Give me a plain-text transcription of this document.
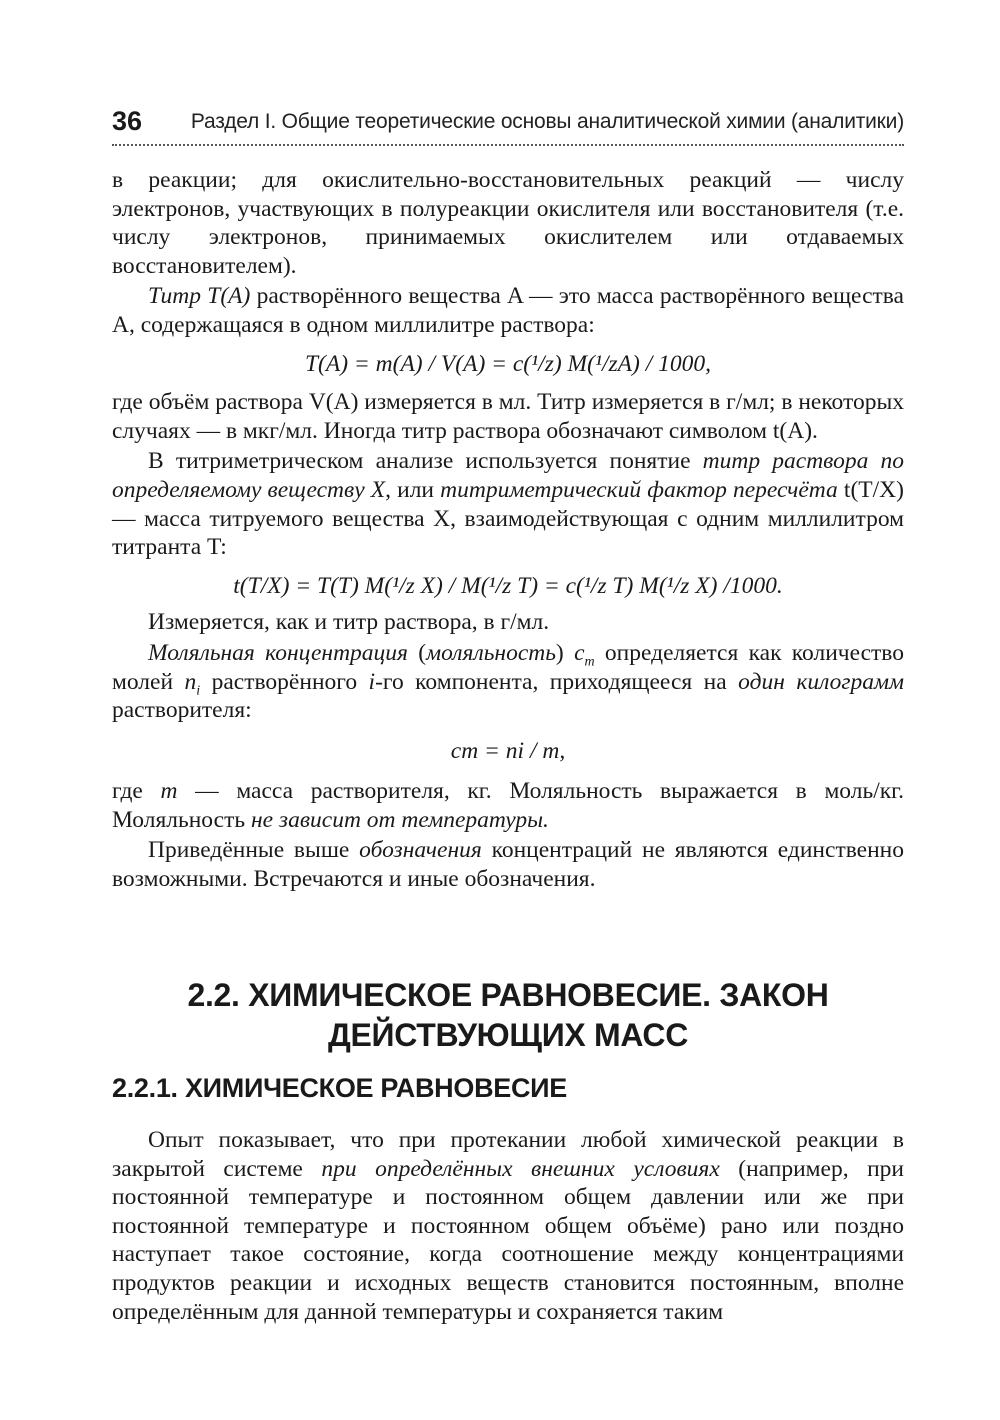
36 Раздел I. Общие теоретические основы аналитической химии (аналитики)

в реакции; для окислительно-восстановительных реакций — числу электронов, участвующих в полуреакции окислителя или восстановителя (т.е. числу электронов, принимаемых окислителем или отдаваемых восстановителем).

Титр T(A) растворённого вещества A — это масса растворённого вещества A, содержащаяся в одном миллилитре раствора:

T(A) = m(A) / V(A) = c(¹/z) M(¹/zA) / 1000,

где объём раствора V(A) измеряется в мл. Титр измеряется в г/мл; в некоторых случаях — в мкг/мл. Иногда титр раствора обозначают символом t(A).

В титриметрическом анализе используется понятие титр раствора по определяемому веществу X, или титриметрический фактор пересчёта t(T/X) — масса титруемого вещества X, взаимодействующая с одним миллилитром титранта T:

t(T/X) = T(T) M(¹/z X) / M(¹/z T) = c(¹/z T) M(¹/z X) /1000.

Измеряется, как и титр раствора, в г/мл.

Моляльная концентрация (моляльность) $c_m$ определяется как количество молей $n_i$ растворённого i-го компонента, приходящееся на один килограмм растворителя:

cm = ni / m,

где m — масса растворителя, кг. Моляльность выражается в моль/кг. Моляльность не зависит от температуры.

Приведённые выше обозначения концентраций не являются единственно возможными. Встречаются и иные обозначения.

2.2. ХИМИЧЕСКОЕ РАВНОВЕСИЕ. ЗАКОН ДЕЙСТВУЮЩИХ МАСС
2.2.1. ХИМИЧЕСКОЕ РАВНОВЕСИЕ

Опыт показывает, что при протекании любой химической реакции в закрытой системе при определённых внешних условиях (например, при постоянной температуре и постоянном общем давлении или же при постоянной температуре и постоянном общем объёме) рано или поздно наступает такое состояние, когда соотношение между концентрациями продуктов реакции и исходных веществ становится постоянным, вполне определённым для данной температуры и сохраняется таким
